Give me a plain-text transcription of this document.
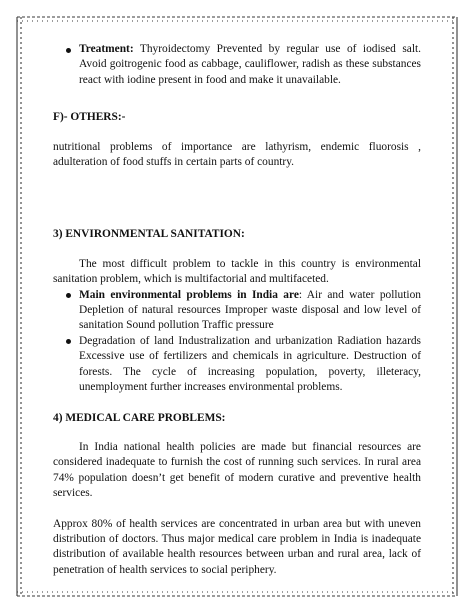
Treatment: Thyroidectomy Prevented by regular use of iodised salt. Avoid goitrogenic food as cabbage, cauliflower, radish as these substances react with iodine present in food and make it unavailable.

F)- OTHERS:-

nutritional problems of importance are lathyrism, endemic fluorosis , adulteration of food stuffs in certain parts of country.

3) ENVIRONMENTAL SANITATION:

The most difficult problem to tackle in this country is environmental sanitation problem, which is multifactorial and multifaceted.

Main environmental problems in India are: Air and water pollution Depletion of natural resources Improper waste disposal and low level of sanitation Sound pollution Traffic pressure
Degradation of land Industralization and urbanization Radiation hazards Excessive use of fertilizers and chemicals in agriculture. Destruction of forests. The cycle of increasing population, poverty, illeteracy, unemployment further increases environmental problems.

4) MEDICAL CARE PROBLEMS:

In India national health policies are made but financial resources are considered inadequate to furnish the cost of running such services. In rural area 74% population doesn’t get benefit of modern curative and preventive health services.

Approx 80% of health services are concentrated in urban area but with uneven distribution of doctors. Thus major medical care problem in India is inadequate distribution of available health resources between urban and rural area, lack of penetration of health services to social periphery.
